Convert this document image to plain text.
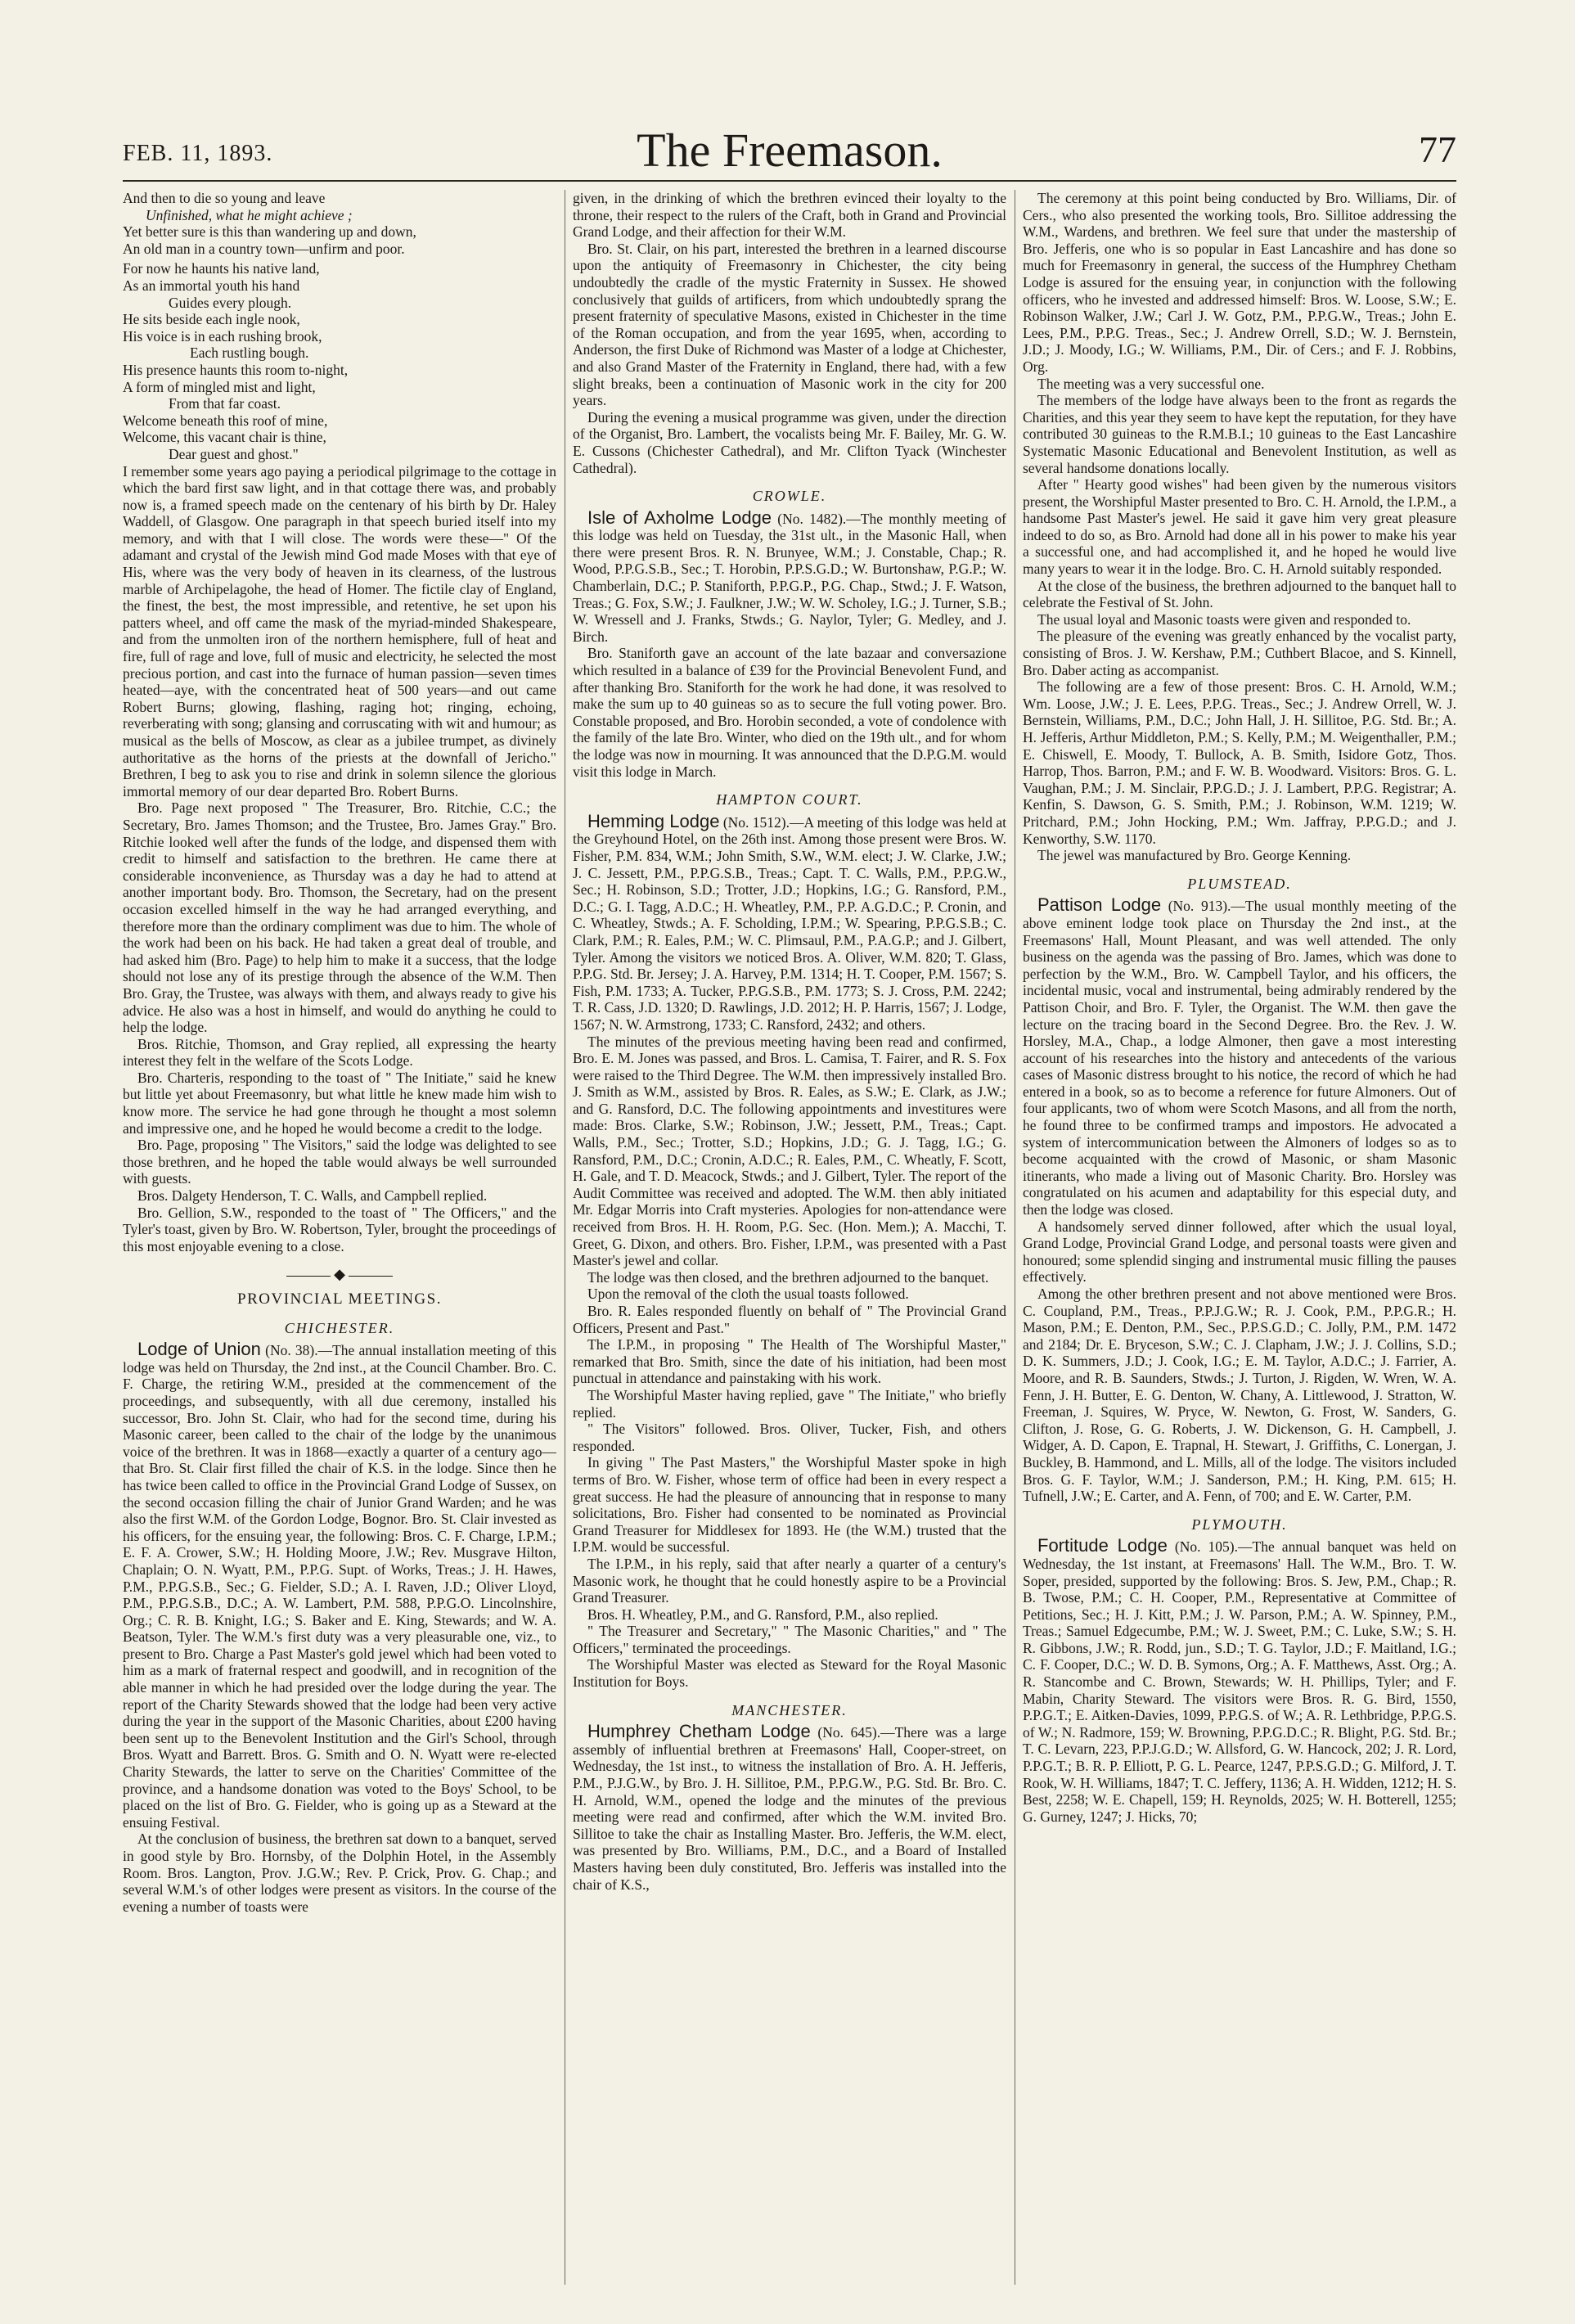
FEB. 11, 1893.	The Freemason.	77

And then to die so young and leave

Unfinished, what he might achieve ;

Yet better sure is this than wandering up and down,

An old man in a country town—unfirm and poor.

For now he haunts his native land,

As an immortal youth his hand

Guides every plough.

He sits beside each ingle nook,

His voice is in each rushing brook,

Each rustling bough.

His presence haunts this room to-night,

A form of mingled mist and light,

From that far coast.

Welcome beneath this roof of mine,

Welcome, this vacant chair is thine,

Dear guest and ghost."

I remember some years ago paying a periodical pilgrimage to the cottage in which the bard first saw light, and in that cottage there was, and probably now is, a framed speech made on the centenary of his birth by Dr. Haley Waddell, of Glasgow. One paragraph in that speech buried itself into my memory, and with that I will close. The words were these—" Of the adamant and crystal of the Jewish mind God made Moses with that eye of His, where was the very body of heaven in its clearness, of the lustrous marble of Archipelagohe, the head of Homer. The fictile clay of England, the finest, the best, the most impressible, and retentive, he set upon his patters wheel, and off came the mask of the myriad-minded Shakespeare, and from the unmolten iron of the northern hemisphere, full of heat and fire, full of rage and love, full of music and electricity, he selected the most precious portion, and cast into the furnace of human passion—seven times heated—aye, with the concentrated heat of 500 years—and out came Robert Burns; glowing, flashing, raging hot; ringing, echoing, reverberating with song; glansing and corruscating with wit and humour; as musical as the bells of Moscow, as clear as a jubilee trumpet, as divinely authoritative as the horns of the priests at the downfall of Jericho." Brethren, I beg to ask you to rise and drink in solemn silence the glorious immortal memory of our dear departed Bro. Robert Burns.

Bro. Page next proposed " The Treasurer, Bro. Ritchie, C.C.; the Secretary, Bro. James Thomson; and the Trustee, Bro. James Gray." Bro. Ritchie looked well after the funds of the lodge, and dispensed them with credit to himself and satisfaction to the brethren. He came there at considerable inconvenience, as Thursday was a day he had to attend at another important body. Bro. Thomson, the Secretary, had on the present occasion excelled himself in the way he had arranged everything, and therefore more than the ordinary compliment was due to him. The whole of the work had been on his back. He had taken a great deal of trouble, and had asked him (Bro. Page) to help him to make it a success, that the lodge should not lose any of its prestige through the absence of the W.M. Then Bro. Gray, the Trustee, was always with them, and always ready to give his advice. He also was a host in himself, and would do anything he could to help the lodge.

Bros. Ritchie, Thomson, and Gray replied, all expressing the hearty interest they felt in the welfare of the Scots Lodge.

Bro. Charteris, responding to the toast of " The Initiate," said he knew but little yet about Freemasonry, but what little he knew made him wish to know more. The service he had gone through he thought a most solemn and impressive one, and he hoped he would become a credit to the lodge.

Bro. Page, proposing " The Visitors," said the lodge was delighted to see those brethren, and he hoped the table would always be well surrounded with guests.

Bros. Dalgety Henderson, T. C. Walls, and Campbell replied.

Bro. Gellion, S.W., responded to the toast of " The Officers," and the Tyler's toast, given by Bro. W. Robertson, Tyler, brought the proceedings of this most enjoyable evening to a close.

◆
PROVINCIAL MEETINGS.
CHICHESTER.

Lodge of Union (No. 38).—The annual installation meeting of this lodge was held on Thursday, the 2nd inst., at the Council Chamber. Bro. C. F. Charge, the retiring W.M., presided at the commencement of the proceedings, and subsequently, with all due ceremony, installed his successor, Bro. John St. Clair, who had for the second time, during his Masonic career, been called to the chair of the lodge by the unanimous voice of the brethren. It was in 1868—exactly a quarter of a century ago—that Bro. St. Clair first filled the chair of K.S. in the lodge. Since then he has twice been called to office in the Provincial Grand Lodge of Sussex, on the second occasion filling the chair of Junior Grand Warden; and he was also the first W.M. of the Gordon Lodge, Bognor. Bro. St. Clair invested as his officers, for the ensuing year, the following: Bros. C. F. Charge, I.P.M.; E. F. A. Crower, S.W.; H. Holding Moore, J.W.; Rev. Musgrave Hilton, Chaplain; O. N. Wyatt, P.M., P.P.G. Supt. of Works, Treas.; J. H. Hawes, P.M., P.P.G.S.B., Sec.; G. Fielder, S.D.; A. I. Raven, J.D.; Oliver Lloyd, P.M., P.P.G.S.B., D.C.; A. W. Lambert, P.M. 588, P.P.G.O. Lincolnshire, Org.; C. R. B. Knight, I.G.; S. Baker and E. King, Stewards; and W. A. Beatson, Tyler. The W.M.'s first duty was a very pleasurable one, viz., to present to Bro. Charge a Past Master's gold jewel which had been voted to him as a mark of fraternal respect and goodwill, and in recognition of the able manner in which he had presided over the lodge during the year. The report of the Charity Stewards showed that the lodge had been very active during the year in the support of the Masonic Charities, about £200 having been sent up to the Benevolent Institution and the Girl's School, through Bros. Wyatt and Barrett. Bros. G. Smith and O. N. Wyatt were re-elected Charity Stewards, the latter to serve on the Charities' Committee of the province, and a handsome donation was voted to the Boys' School, to be placed on the list of Bro. G. Fielder, who is going up as a Steward at the ensuing Festival.

At the conclusion of business, the brethren sat down to a banquet, served in good style by Bro. Hornsby, of the Dolphin Hotel, in the Assembly Room. Bros. Langton, Prov. J.G.W.; Rev. P. Crick, Prov. G. Chap.; and several W.M.'s of other lodges were present as visitors. In the course of the evening a number of toasts were

given, in the drinking of which the brethren evinced their loyalty to the throne, their respect to the rulers of the Craft, both in Grand and Provincial Grand Lodge, and their affection for their W.M.

Bro. St. Clair, on his part, interested the brethren in a learned discourse upon the antiquity of Freemasonry in Chichester, the city being undoubtedly the cradle of the mystic Fraternity in Sussex. He showed conclusively that guilds of artificers, from which undoubtedly sprang the present fraternity of speculative Masons, existed in Chichester in the time of the Roman occupation, and from the year 1695, when, according to Anderson, the first Duke of Richmond was Master of a lodge at Chichester, and also Grand Master of the Fraternity in England, there had, with a few slight breaks, been a continuation of Masonic work in the city for 200 years.

During the evening a musical programme was given, under the direction of the Organist, Bro. Lambert, the vocalists being Mr. F. Bailey, Mr. G. W. E. Cussons (Chichester Cathedral), and Mr. Clifton Tyack (Winchester Cathedral).

CROWLE.

Isle of Axholme Lodge (No. 1482).—The monthly meeting of this lodge was held on Tuesday, the 31st ult., in the Masonic Hall, when there were present Bros. R. N. Brunyee, W.M.; J. Constable, Chap.; R. Wood, P.P.G.S.B., Sec.; T. Horobin, P.P.S.G.D.; W. Burtonshaw, P.G.P.; W. Chamberlain, D.C.; P. Staniforth, P.P.G.P., P.G. Chap., Stwd.; J. F. Watson, Treas.; G. Fox, S.W.; J. Faulkner, J.W.; W. W. Scholey, I.G.; J. Turner, S.B.; W. Wressell and J. Franks, Stwds.; G. Naylor, Tyler; G. Medley, and J. Birch.

Bro. Staniforth gave an account of the late bazaar and conversazione which resulted in a balance of £39 for the Provincial Benevolent Fund, and after thanking Bro. Staniforth for the work he had done, it was resolved to make the sum up to 40 guineas so as to secure the full voting power. Bro. Constable proposed, and Bro. Horobin seconded, a vote of condolence with the family of the late Bro. Winter, who died on the 19th ult., and for whom the lodge was now in mourning. It was announced that the D.P.G.M. would visit this lodge in March.

HAMPTON COURT.

Hemming Lodge (No. 1512).—A meeting of this lodge was held at the Greyhound Hotel, on the 26th inst. Among those present were Bros. W. Fisher, P.M. 834, W.M.; John Smith, S.W., W.M. elect; J. W. Clarke, J.W.; J. C. Jessett, P.M., P.P.G.S.B., Treas.; Capt. T. C. Walls, P.M., P.P.G.W., Sec.; H. Robinson, S.D.; Trotter, J.D.; Hopkins, I.G.; G. Ransford, P.M., D.C.; G. I. Tagg, A.D.C.; H. Wheatley, P.M., P.P. A.G.D.C.; P. Cronin, and C. Wheatley, Stwds.; A. F. Scholding, I.P.M.; W. Spearing, P.P.G.S.B.; C. Clark, P.M.; R. Eales, P.M.; W. C. Plimsaul, P.M., P.A.G.P.; and J. Gilbert, Tyler. Among the visitors we noticed Bros. A. Oliver, W.M. 820; T. Glass, P.P.G. Std. Br. Jersey; J. A. Harvey, P.M. 1314; H. T. Cooper, P.M. 1567; S. Fish, P.M. 1733; A. Tucker, P.P.G.S.B., P.M. 1773; S. J. Cross, P.M. 2242; T. R. Cass, J.D. 1320; D. Rawlings, J.D. 2012; H. P. Harris, 1567; J. Lodge, 1567; N. W. Armstrong, 1733; C. Ransford, 2432; and others.

The minutes of the previous meeting having been read and confirmed, Bro. E. M. Jones was passed, and Bros. L. Camisa, T. Fairer, and R. S. Fox were raised to the Third Degree. The W.M. then impressively installed Bro. J. Smith as W.M., assisted by Bros. R. Eales, as S.W.; E. Clark, as J.W.; and G. Ransford, D.C. The following appointments and investitures were made: Bros. Clarke, S.W.; Robinson, J.W.; Jessett, P.M., Treas.; Capt. Walls, P.M., Sec.; Trotter, S.D.; Hopkins, J.D.; G. J. Tagg, I.G.; G. Ransford, P.M., D.C.; Cronin, A.D.C.; R. Eales, P.M., C. Wheatly, F. Scott, H. Gale, and T. D. Meacock, Stwds.; and J. Gilbert, Tyler. The report of the Audit Committee was received and adopted. The W.M. then ably initiated Mr. Edgar Morris into Craft mysteries. Apologies for non-attendance were received from Bros. H. H. Room, P.G. Sec. (Hon. Mem.); A. Macchi, T. Greet, G. Dixon, and others. Bro. Fisher, I.P.M., was presented with a Past Master's jewel and collar.

The lodge was then closed, and the brethren adjourned to the banquet.

Upon the removal of the cloth the usual toasts followed.

Bro. R. Eales responded fluently on behalf of " The Provincial Grand Officers, Present and Past."

The I.P.M., in proposing " The Health of The Worshipful Master," remarked that Bro. Smith, since the date of his initiation, had been most punctual in attendance and painstaking with his work.

The Worshipful Master having replied, gave " The Initiate," who briefly replied.

" The Visitors" followed. Bros. Oliver, Tucker, Fish, and others responded.

In giving " The Past Masters," the Worshipful Master spoke in high terms of Bro. W. Fisher, whose term of office had been in every respect a great success. He had the pleasure of announcing that in response to many solicitations, Bro. Fisher had consented to be nominated as Provincial Grand Treasurer for Middlesex for 1893. He (the W.M.) trusted that the I.P.M. would be successful.

The I.P.M., in his reply, said that after nearly a quarter of a century's Masonic work, he thought that he could honestly aspire to be a Provincial Grand Treasurer.

Bros. H. Wheatley, P.M., and G. Ransford, P.M., also replied.

" The Treasurer and Secretary," " The Masonic Charities," and " The Officers," terminated the proceedings.

The Worshipful Master was elected as Steward for the Royal Masonic Institution for Boys.

MANCHESTER.

Humphrey Chetham Lodge (No. 645).—There was a large assembly of influential brethren at Freemasons' Hall, Cooper-street, on Wednesday, the 1st inst., to witness the installation of Bro. A. H. Jefferis, P.M., P.J.G.W., by Bro. J. H. Sillitoe, P.M., P.P.G.W., P.G. Std. Br. Bro. C. H. Arnold, W.M., opened the lodge and the minutes of the previous meeting were read and confirmed, after which the W.M. invited Bro. Sillitoe to take the chair as Installing Master. Bro. Jefferis, the W.M. elect, was presented by Bro. Williams, P.M., D.C., and a Board of Installed Masters having been duly constituted, Bro. Jefferis was installed into the chair of K.S.,

The ceremony at this point being conducted by Bro. Williams, Dir. of Cers., who also presented the working tools, Bro. Sillitoe addressing the W.M., Wardens, and brethren. We feel sure that under the mastership of Bro. Jefferis, one who is so popular in East Lancashire and has done so much for Freemasonry in general, the success of the Humphrey Chetham Lodge is assured for the ensuing year, in conjunction with the following officers, who he invested and addressed himself: Bros. W. Loose, S.W.; E. Robinson Walker, J.W.; Carl J. W. Gotz, P.M., P.P.G.W., Treas.; John E. Lees, P.M., P.P.G. Treas., Sec.; J. Andrew Orrell, S.D.; W. J. Bernstein, J.D.; J. Moody, I.G.; W. Williams, P.M., Dir. of Cers.; and F. J. Robbins, Org.

The meeting was a very successful one.

The members of the lodge have always been to the front as regards the Charities, and this year they seem to have kept the reputation, for they have contributed 30 guineas to the R.M.B.I.; 10 guineas to the East Lancashire Systematic Masonic Educational and Benevolent Institution, as well as several handsome donations locally.

After " Hearty good wishes" had been given by the numerous visitors present, the Worshipful Master presented to Bro. C. H. Arnold, the I.P.M., a handsome Past Master's jewel. He said it gave him very great pleasure indeed to do so, as Bro. Arnold had done all in his power to make his year a successful one, and had accomplished it, and he hoped he would live many years to wear it in the lodge. Bro. C. H. Arnold suitably responded.

At the close of the business, the brethren adjourned to the banquet hall to celebrate the Festival of St. John.

The usual loyal and Masonic toasts were given and responded to.

The pleasure of the evening was greatly enhanced by the vocalist party, consisting of Bros. J. W. Kershaw, P.M.; Cuthbert Blacoe, and S. Kinnell, Bro. Daber acting as accompanist.

The following are a few of those present: Bros. C. H. Arnold, W.M.; Wm. Loose, J.W.; J. E. Lees, P.P.G. Treas., Sec.; J. Andrew Orrell, W. J. Bernstein, Williams, P.M., D.C.; John Hall, J. H. Sillitoe, P.G. Std. Br.; A. H. Jefferis, Arthur Middleton, P.M.; S. Kelly, P.M.; M. Weigenthaller, P.M.; E. Chiswell, E. Moody, T. Bullock, A. B. Smith, Isidore Gotz, Thos. Harrop, Thos. Barron, P.M.; and F. W. B. Woodward. Visitors: Bros. G. L. Vaughan, P.M.; J. M. Sinclair, P.P.G.D.; J. J. Lambert, P.P.G. Registrar; A. Kenfin, S. Dawson, G. S. Smith, P.M.; J. Robinson, W.M. 1219; W. Pritchard, P.M.; John Hocking, P.M.; Wm. Jaffray, P.P.G.D.; and J. Kenworthy, S.W. 1170.

The jewel was manufactured by Bro. George Kenning.

PLUMSTEAD.

Pattison Lodge (No. 913).—The usual monthly meeting of the above eminent lodge took place on Thursday the 2nd inst., at the Freemasons' Hall, Mount Pleasant, and was well attended. The only business on the agenda was the passing of Bro. James, which was done to perfection by the W.M., Bro. W. Campbell Taylor, and his officers, the incidental music, vocal and instrumental, being admirably rendered by the Pattison Choir, and Bro. F. Tyler, the Organist. The W.M. then gave the lecture on the tracing board in the Second Degree. Bro. the Rev. J. W. Horsley, M.A., Chap., a lodge Almoner, then gave a most interesting account of his researches into the history and antecedents of the various cases of Masonic distress brought to his notice, the record of which he had entered in a book, so as to become a reference for future Almoners. Out of four applicants, two of whom were Scotch Masons, and all from the north, he found three to be confirmed tramps and impostors. He advocated a system of intercommunication between the Almoners of lodges so as to become acquainted with the crowd of Masonic, or sham Masonic itinerants, who made a living out of Masonic Charity. Bro. Horsley was congratulated on his acumen and adaptability for this especial duty, and then the lodge was closed.

A handsomely served dinner followed, after which the usual loyal, Grand Lodge, Provincial Grand Lodge, and personal toasts were given and honoured; some splendid singing and instrumental music filling the pauses effectively.

Among the other brethren present and not above mentioned were Bros. C. Coupland, P.M., Treas., P.P.J.G.W.; R. J. Cook, P.M., P.P.G.R.; H. Mason, P.M.; E. Denton, P.M., Sec., P.P.S.G.D.; C. Jolly, P.M., P.M. 1472 and 2184; Dr. E. Bryceson, S.W.; C. J. Clapham, J.W.; J. J. Collins, S.D.; D. K. Summers, J.D.; J. Cook, I.G.; E. M. Taylor, A.D.C.; J. Farrier, A. Moore, and R. B. Saunders, Stwds.; J. Turton, J. Rigden, W. Wren, W. A. Fenn, J. H. Butter, E. G. Denton, W. Chany, A. Littlewood, J. Stratton, W. Freeman, J. Squires, W. Pryce, W. Newton, G. Frost, W. Sanders, G. Clifton, J. Rose, G. G. Roberts, J. W. Dickenson, G. H. Campbell, J. Widger, A. D. Capon, E. Trapnal, H. Stewart, J. Griffiths, C. Lonergan, J. Buckley, B. Hammond, and L. Mills, all of the lodge. The visitors included Bros. G. F. Taylor, W.M.; J. Sanderson, P.M.; H. King, P.M. 615; H. Tufnell, J.W.; E. Carter, and A. Fenn, of 700; and E. W. Carter, P.M.

PLYMOUTH.

Fortitude Lodge (No. 105).—The annual banquet was held on Wednesday, the 1st instant, at Freemasons' Hall. The W.M., Bro. T. W. Soper, presided, supported by the following: Bros. S. Jew, P.M., Chap.; R. B. Twose, P.M.; C. H. Cooper, P.M., Representative at Committee of Petitions, Sec.; H. J. Kitt, P.M.; J. W. Parson, P.M.; A. W. Spinney, P.M., Treas.; Samuel Edgecumbe, P.M.; W. J. Sweet, P.M.; C. Luke, S.W.; S. H. R. Gibbons, J.W.; R. Rodd, jun., S.D.; T. G. Taylor, J.D.; F. Maitland, I.G.; C. F. Cooper, D.C.; W. D. B. Symons, Org.; A. F. Matthews, Asst. Org.; A. R. Stancombe and C. Brown, Stewards; W. H. Phillips, Tyler; and F. Mabin, Charity Steward. The visitors were Bros. R. G. Bird, 1550, P.P.G.T.; E. Aitken-Davies, 1099, P.P.G.S. of W.; A. R. Lethbridge, P.P.G.S. of W.; N. Radmore, 159; W. Browning, P.P.G.D.C.; R. Blight, P.G. Std. Br.; T. C. Levarn, 223, P.P.J.G.D.; W. Allsford, G. W. Hancock, 202; J. R. Lord, P.P.G.T.; B. R. P. Elliott, P. G. L. Pearce, 1247, P.P.S.G.D.; G. Milford, J. T. Rook, W. H. Williams, 1847; T. C. Jeffery, 1136; A. H. Widden, 1212; H. S. Best, 2258; W. E. Chapell, 159; H. Reynolds, 2025; W. H. Botterell, 1255; G. Gurney, 1247; J. Hicks, 70;
